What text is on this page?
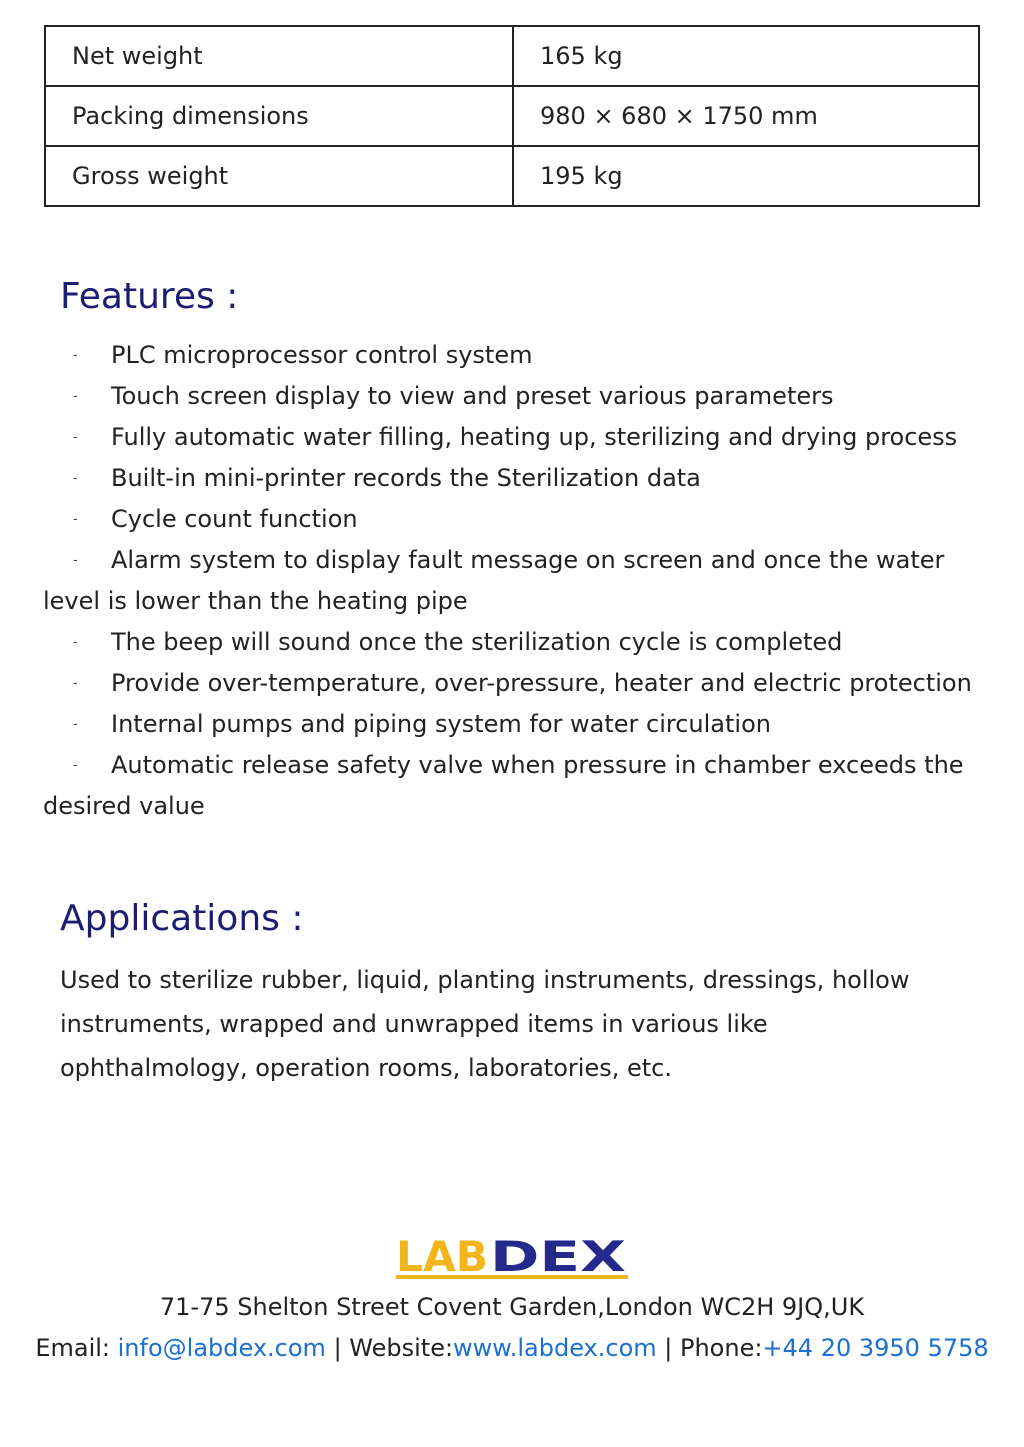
Net weight	165 kg
Packing dimensions	980 × 680 × 1750 mm
Gross weight	195 kg
Features :
- PLC microprocessor control system
- Touch screen display to view and preset various parameters
- Fully automatic water filling, heating up, sterilizing and drying process
- Built-in mini-printer records the Sterilization data
- Cycle count function
- Alarm system to display fault message on screen and once the water level is lower than the heating pipe
- The beep will sound once the sterilization cycle is completed
- Provide over-temperature, over-pressure, heater and electric protection
- Internal pumps and piping system for water circulation
- Automatic release safety valve when pressure in chamber exceeds the desired value
Applications :

Used to sterilize rubber, liquid, planting instruments, dressings, hollow instruments, wrapped and unwrapped items in various like ophthalmology, operation rooms, laboratories, etc.

LAB DEX
71-75 Shelton Street Covent Garden,London WC2H 9JQ,UK
Email: info@labdex.com | Website:www.labdex.com | Phone:+44 20 3950 5758
